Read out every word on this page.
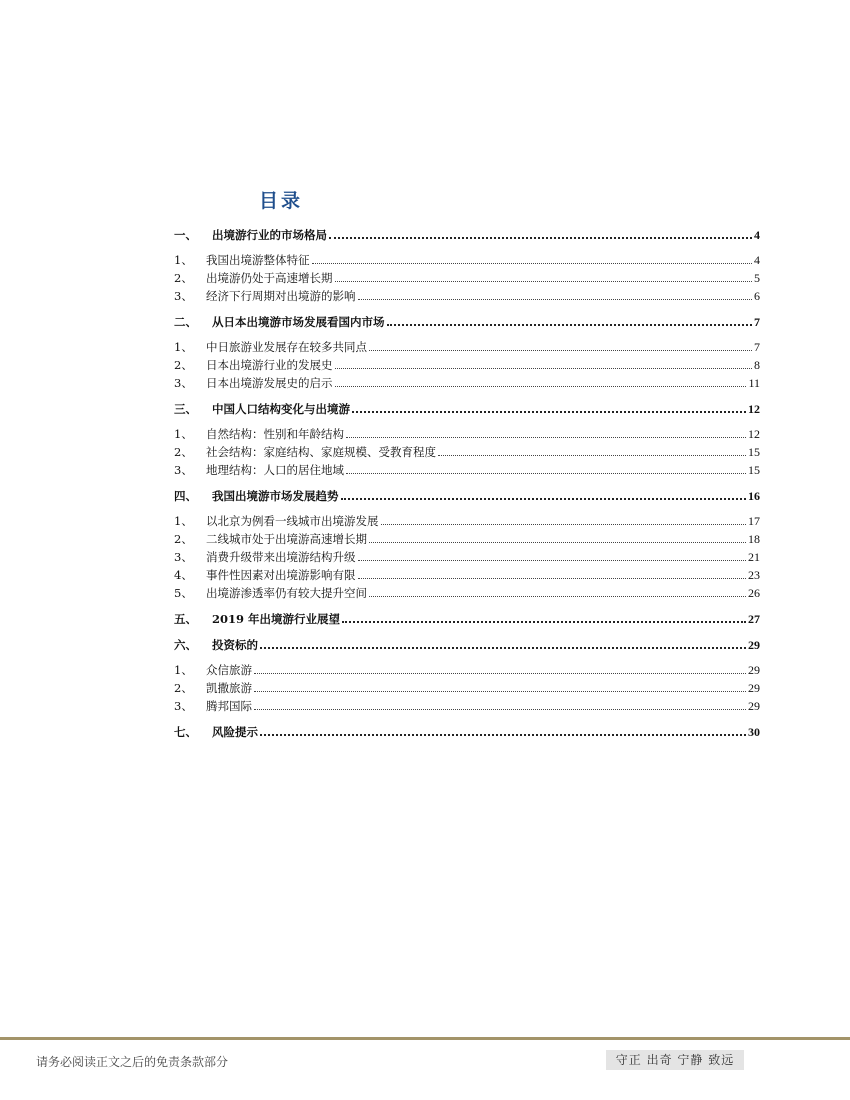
目录
一、	出境游行业的市场格局	4
1、	我国出境游整体特征	4
2、	出境游仍处于高速增长期	5
3、	经济下行周期对出境游的影响	6
二、	从日本出境游市场发展看国内市场	7
1、	中日旅游业发展存在较多共同点	7
2、	日本出境游行业的发展史	8
3、	日本出境游发展史的启示	11
三、	中国人口结构变化与出境游	12
1、	自然结构：性别和年龄结构	12
2、	社会结构：家庭结构、家庭规模、受教育程度	15
3、	地理结构：人口的居住地域	15
四、	我国出境游市场发展趋势	16
1、	以北京为例看一线城市出境游发展	17
2、	二线城市处于出境游高速增长期	18
3、	消费升级带来出境游结构升级	21
4、	事件性因素对出境游影响有限	23
5、	出境游渗透率仍有较大提升空间	26
五、	2019 年出境游行业展望	27
六、	投资标的	29
1、	众信旅游	29
2、	凯撒旅游	29
3、	腾邦国际	29
七、	风险提示	30
请务必阅读正文之后的免责条款部分	守正 出奇 宁静 致远
